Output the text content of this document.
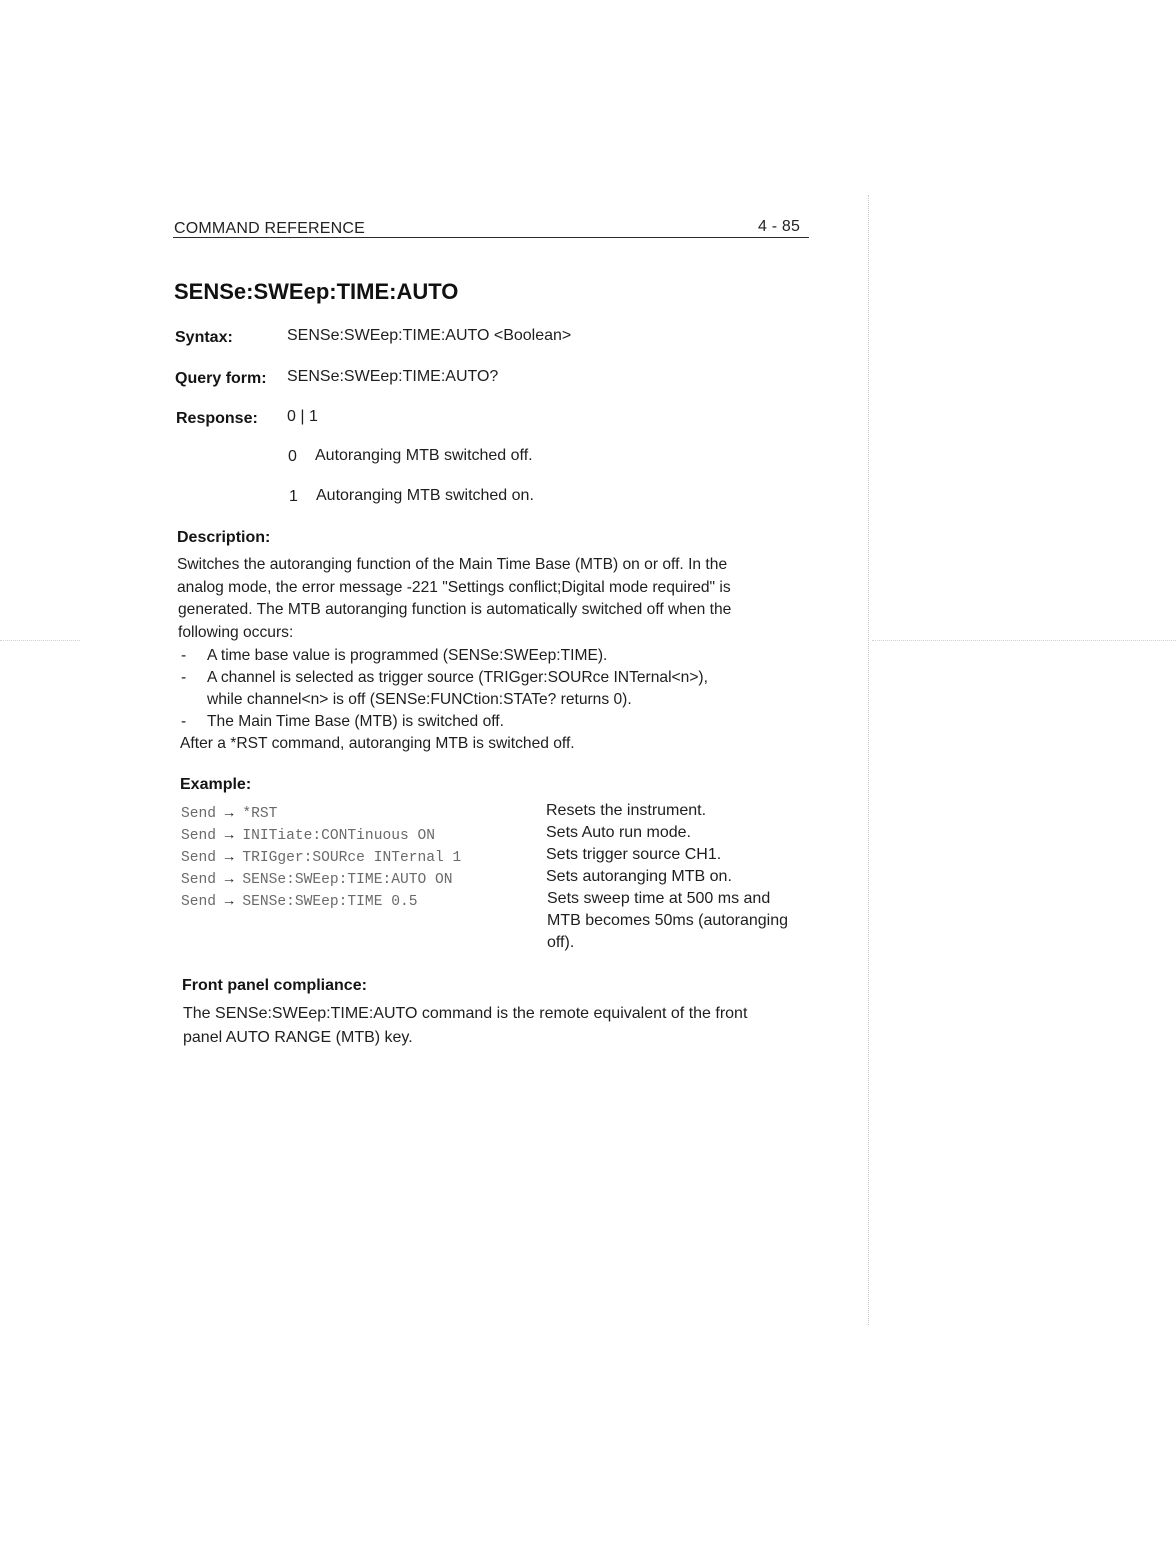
COMMAND REFERENCE	4 - 85
SENSe:SWEep:TIME:AUTO
Syntax:	SENSe:SWEep:TIME:AUTO <Boolean>
Query form: SENSe:SWEep:TIME:AUTO?
Response: 0 | 1
0 Autoranging MTB switched off.
1 Autoranging MTB switched on.
Description:
Switches the autoranging function of the Main Time Base (MTB) on or off. In the
analog mode, the error message -221 "Settings conflict;Digital mode required" is
generated. The MTB autoranging function is automatically switched off when the
following occurs:
- A time base value is programmed (SENSe:SWEep:TIME).
- A channel is selected as trigger source (TRIGger:SOURce INTernal<n>),
while channel<n> is off (SENSe:FUNCtion:STATe? returns 0).
- The Main Time Base (MTB) is switched off.
After a *RST command, autoranging MTB is switched off.
Example:
Send → *RST	Resets the instrument.
Send → INITiate:CONTinuous ON	Sets Auto run mode.
Send → TRIGger:SOURce INTernal 1	Sets trigger source CH1.
Send → SENSe:SWEep:TIME:AUTO ON	Sets autoranging MTB on.
Send → SENSe:SWEep:TIME 0.5	Sets sweep time at 500 ms and
MTB becomes 50ms (autoranging
off).
Front panel compliance:
The SENSe:SWEep:TIME:AUTO command is the remote equivalent of the front
panel AUTO RANGE (MTB) key.
